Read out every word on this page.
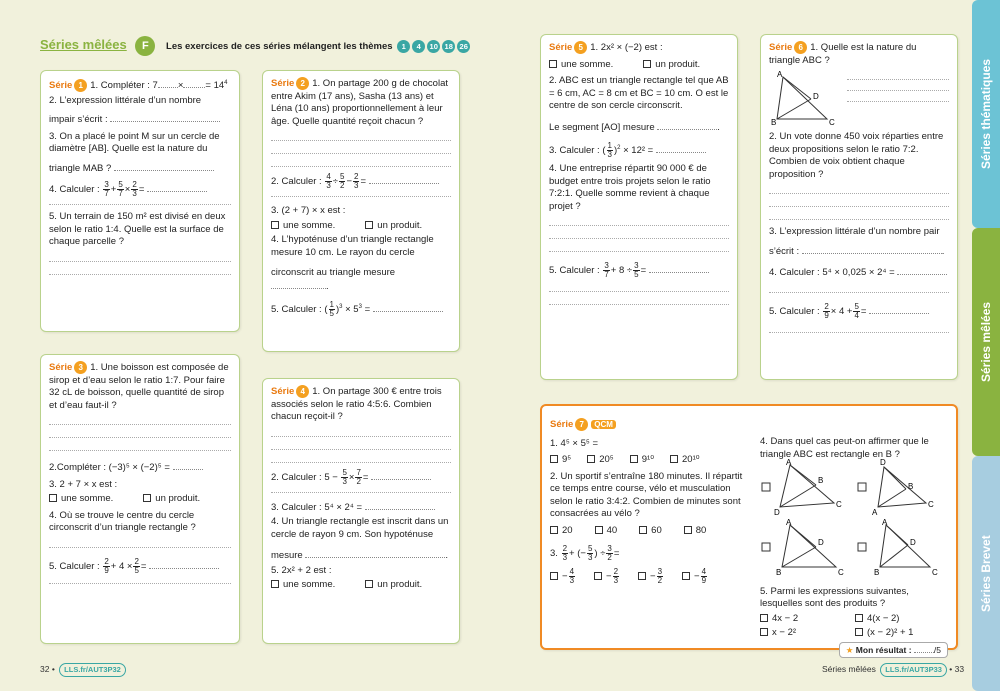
Séries mêlées F Les exercices de ces séries mélangent les thèmes 1 4 10 18 26

Série 1 1. Compléter : 7 × = $14^4$

2. L’expression littérale d’un nombre

impair s’écrit :

3. On a placé le point M sur un cercle de diamètre [AB]. Quelle est la nature du

triangle MAB ?

4. Calculer : $\frac{3}{7} + \frac{5}{7} \times \frac{2}{3}$ =

5. Un terrain de 150 m² est divisé en deux selon le ratio 1:4. Quelle est la surface de chaque parcelle ?

Série 2 1. On partage 200 g de chocolat entre Akim (17 ans), Sasha (13 ans) et Léna (10 ans) proportionnellement à leur âge. Quelle quantité reçoit chacun ?

2. Calculer : $\frac{4}{3} \div \frac{5}{2} - \frac{2}{3}$ =

3. (2 + 7) × x est :

une somme.	un produit.

4. L’hypoténuse d’un triangle rectangle mesure 10 cm. Le rayon du cercle

circonscrit au triangle mesure .

5. Calculer : ( $\frac{1}{5} )^3 \times 5^3$ =

Série 3 1. Une boisson est composée de sirop et d’eau selon le ratio 1:7. Pour faire 32 cL de boisson, quelle quantité de sirop et d’eau faut-il ?

2.Compléter : (−3)⁵ × (−2)⁵ =

3. 2 + 7 × x est :

une somme.	un produit.

4. Où se trouve le centre du cercle circonscrit d’un triangle rectangle ?

5. Calculer : $\frac{2}{9} + 4 \times \frac{2}{5}$ =

Série 4 1. On partage 300 € entre trois associés selon le ratio 4:5:6. Combien chacun reçoit-il ?

2. Calculer : $5 - \frac{5}{3} \times \frac{7}{2}$ =

3. Calculer : 5⁴ × 2⁴ =

4. Un triangle rectangle est inscrit dans un cercle de rayon 9 cm. Son hypoténuse

mesure	.

5. 2x² + 2 est :

une somme.	un produit.

Série 5 1. 2x² × (−2) est :

une somme.	un produit.

2. ABC est un triangle rectangle tel que AB = 6 cm, AC = 8 cm et BC = 10 cm. O est le centre de son cercle circonscrit.

Le segment [AO] mesure	.

3. Calculer : ( $\frac{1}{3} )^2 \times 12^2$ =

4. Une entreprise répartit 90 000 € de budget entre trois projets selon le ratio 7:2:1. Quelle somme revient à chaque projet ?

5. Calculer : $\frac{3}{7} + 8 \div \frac{3}{5}$ =

Série 6 1. Quelle est la nature du triangle ABC ?

A
B	C
D

2. Un vote donne 450 voix réparties entre deux propositions selon le ratio 7:2. Combien de voix obtient chaque proposition ?

3. L’expression littérale d’un nombre pair

s’écrit :	.

4. Calculer : 5⁴ × 0,025 × 2⁴ =

5. Calculer : $\frac{2}{9} \times 4 + \frac{5}{4}$ =

Série 7 QCM

1. 4⁵ × 5⁵ =

9⁵	20⁵	9¹⁰	20¹⁰

2. Un sportif s’entraîne 180 minutes. Il répartit ce temps entre course, vélo et musculation selon le ratio 3:4:2. Combien de minutes sont consacrées au vélo ?

20	40	60	80

3. $\frac{2}{3}$ + (− $\frac{5}{3}$ ) ÷ $\frac{3}{2}$ =

− $\frac{4}{3}$	− $\frac{2}{3}$	− $\frac{3}{2}$	− $\frac{4}{9}$

4. Dans quel cas peut-on affirmer que le triangle ABC est rectangle en B ?

A
B
D
C
D
B
A
C
A
D
B	C
A
D
B	C

5. Parmi les expressions suivantes, lesquelles sont des produits ?

4x − 2	4(x − 2)
x − 2²	(x − 2)² + 1
★ Mon résultat :	/5
Séries thématiques
Séries mêlées
Séries Brevet
32 • LLS.fr/AUT3P32	Séries mêlées LLS.fr/AUT3P33 • 33
